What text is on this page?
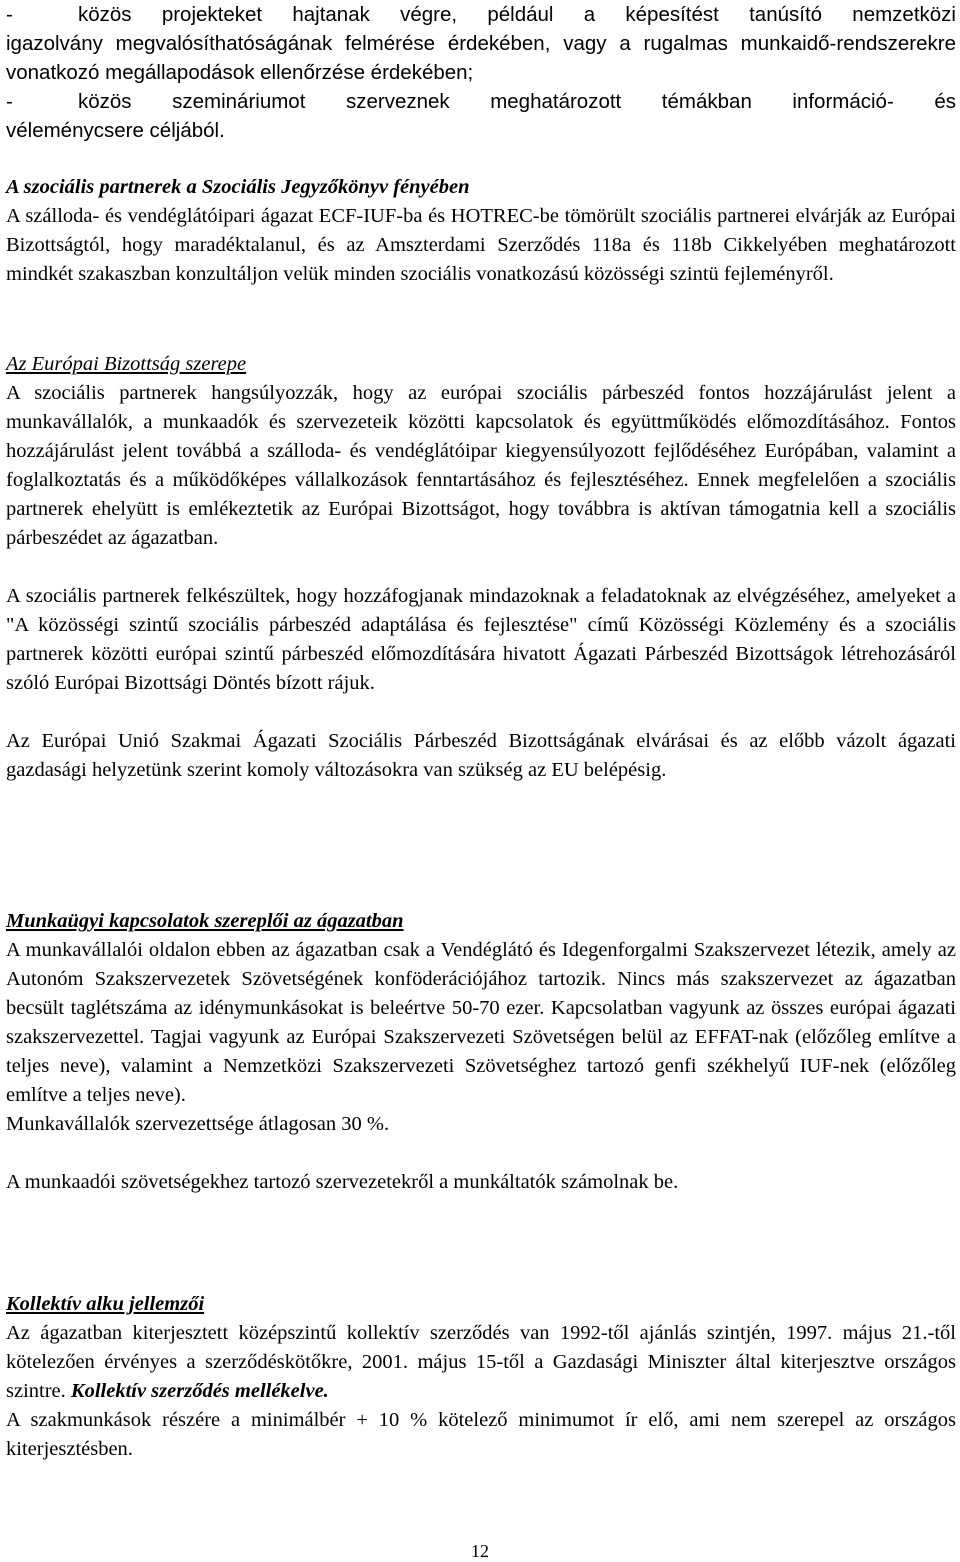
-	közös projekteket hajtanak végre, például a képesítést tanúsító nemzetközi

igazolvány megvalósíthatóságának felmérése érdekében, vagy a rugalmas munkaidő-rendszerekre vonatkozó megállapodások ellenőrzése érdekében;

-	közös szemináriumot szerveznek meghatározott témákban információ- és

véleménycsere céljából.

A szociális partnerek a Szociális Jegyzőkönyv fényében

A szálloda- és vendéglátóipari ágazat ECF-IUF-ba és HOTREC-be tömörült szociális partnerei elvárják az Európai Bizottságtól, hogy maradéktalanul, és az Amszterdami Szerződés 118a és 118b Cikkelyében meghatározott mindkét szakaszban konzultáljon velük minden szociális vonatkozású közösségi szintü fejleményről.

Az Európai Bizottság szerepe

A szociális partnerek hangsúlyozzák, hogy az európai szociális párbeszéd fontos hozzájárulást jelent a munkavállalók, a munkaadók és szervezeteik közötti kapcsolatok és együttműködés előmozdításához. Fontos hozzájárulást jelent továbbá a szálloda- és vendéglátóipar kiegyensúlyozott fejlődéséhez Európában, valamint a foglalkoztatás és a működőképes vállalkozások fenntartásához és fejlesztéséhez. Ennek megfelelően a szociális partnerek ehelyütt is emlékeztetik az Európai Bizottságot, hogy továbbra is aktívan támogatnia kell a szociális párbeszédet az ágazatban.

A szociális partnerek felkészültek, hogy hozzáfogjanak mindazoknak a feladatoknak az elvégzéséhez, amelyeket a "A közösségi szintű szociális párbeszéd adaptálása és fejlesztése" című Közösségi Közlemény és a szociális partnerek közötti európai szintű párbeszéd előmozdítására hivatott Ágazati Párbeszéd Bizottságok létrehozásáról szóló Európai Bizottsági Döntés bízott rájuk.

Az Európai Unió Szakmai Ágazati Szociális Párbeszéd Bizottságának elvárásai és az előbb vázolt ágazati gazdasági helyzetünk szerint komoly változásokra van szükség az EU belépésig.

Munkaügyi kapcsolatok szereplői az ágazatban

A munkavállalói oldalon ebben az ágazatban csak a Vendéglátó és Idegenforgalmi Szakszervezet létezik, amely az Autonóm Szakszervezetek Szövetségének konföderációjához tartozik. Nincs más szakszervezet az ágazatban becsült taglétszáma az idénymunkásokat is beleértve 50-70 ezer. Kapcsolatban vagyunk az összes európai ágazati szakszervezettel. Tagjai vagyunk az Európai Szakszervezeti Szövetségen belül az EFFAT-nak (előzőleg említve a teljes neve), valamint a Nemzetközi Szakszervezeti Szövetséghez tartozó genfi székhelyű IUF-nek (előzőleg említve a teljes neve).

Munkavállalók szervezettsége átlagosan 30 %.

A munkaadói szövetségekhez tartozó szervezetekről a munkáltatók számolnak be.

Kollektív alku jellemzői

Az ágazatban kiterjesztett középszintű kollektív szerződés van 1992-től ajánlás szintjén, 1997. május 21.-től kötelezően érvényes a szerződéskötőkre, 2001. május 15-től a Gazdasági Miniszter által kiterjesztve országos szintre. Kollektív szerződés mellékelve.

A szakmunkások részére a minimálbér + 10 % kötelező minimumot ír elő, ami nem szerepel az országos kiterjesztésben.

12
